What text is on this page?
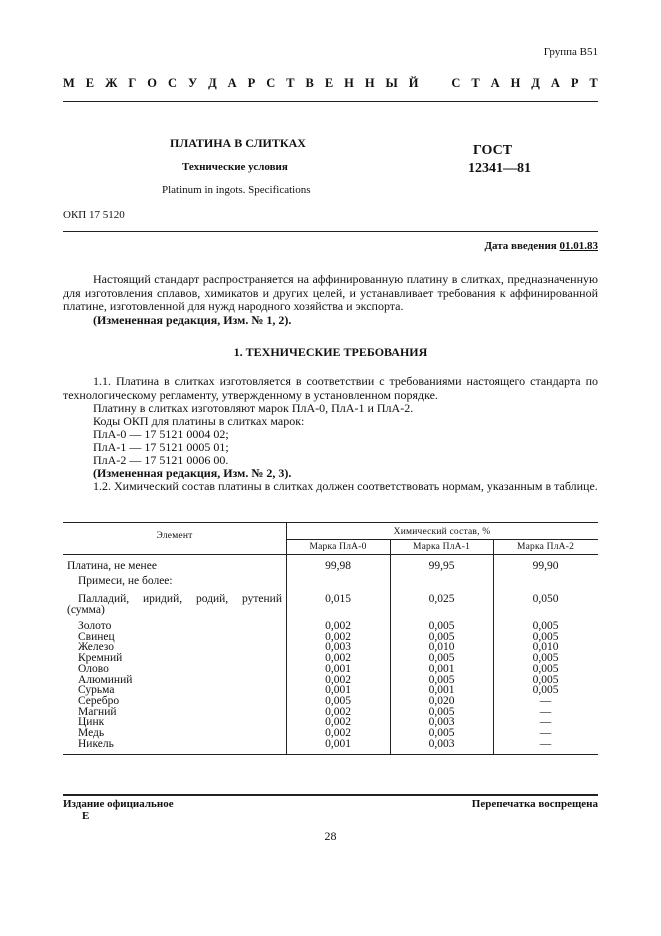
Группа В51
М Е Ж Г О С У Д А Р С Т В Е Н Н Ы Й	С Т А Н Д А Р Т
ПЛАТИНА В СЛИТКАХ
Технические условия
Platinum in ingots. Specifications
ГОСТ
12341—81
ОКП 17 5120
Дата введения 01.01.83
Настоящий стандарт распространяется на аффинированную платину в слитках, предназначенную для изготовления сплавов, химикатов и других целей, и устанавливает требования к аффинированной платине, изготовленной для нужд народного хозяйства и экспорта.
(Измененная редакция, Изм. № 1, 2).
1. ТЕХНИЧЕСКИЕ ТРЕБОВАНИЯ
1.1. Платина в слитках изготовляется в соответствии с требованиями настоящего стандарта по технологическому регламенту, утвержденному в установленном порядке.
Платину в слитках изготовляют марок ПлА-0, ПлА-1 и ПлА-2.
Коды ОКП для платины в слитках марок:
ПлА-0 — 17 5121 0004 02;
ПлА-1 — 17 5121 0005 01;
ПлА-2 — 17 5121 0006 00.
(Измененная редакция, Изм. № 2, 3).
1.2. Химический состав платины в слитках должен соответствовать нормам, указанным в таблице.
Элемент	Химический состав, %
Марка ПлА-0	Марка ПлА-1	Марка ПлА-2
Платина, не менее	99,98	99,95	99,90
Примеси, не более:
Палладий, иридий, родий, рутений
(сумма)
0,015	0,025	0,050
Золото	0,002	0,005	0,005
Свинец	0,002	0,005	0,005
Железо	0,003	0,010	0,010
Кремний	0,002	0,005	0,005
Олово	0,001	0,001	0,005
Алюминий	0,002	0,005	0,005
Сурьма	0,001	0,001	0,005
Серебро	0,005	0,020	—
Магний	0,002	0,005	—
Цинк	0,002	0,003	—
Медь	0,002	0,005	—
Никель	0,001	0,003	—
Издание официальное
Е
Перепечатка воспрещена
28
